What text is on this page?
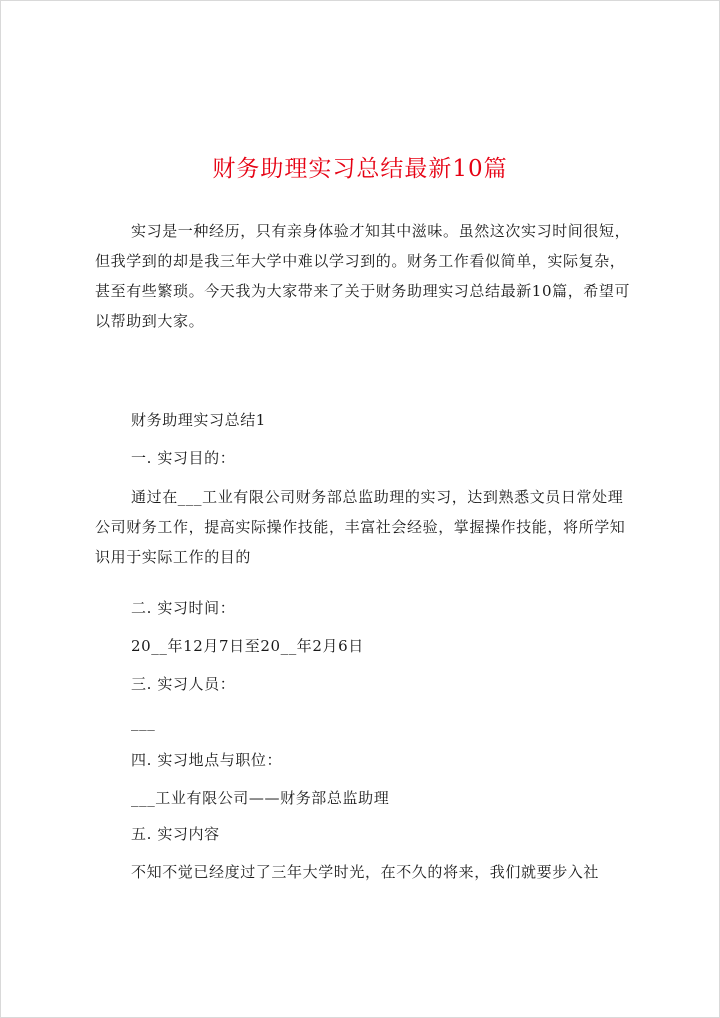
财务助理实习总结最新10篇
实习是一种经历，只有亲身体验才知其中滋味。虽然这次实习时间很短，但我学到的却是我三年大学中难以学习到的。财务工作看似简单，实际复杂，甚至有些繁琐。今天我为大家带来了关于财务助理实习总结最新10篇，希望可以帮助到大家。
财务助理实习总结1
一. 实习目的：
通过在___工业有限公司财务部总监助理的实习，达到熟悉文员日常处理公司财务工作，提高实际操作技能，丰富社会经验，掌握操作技能，将所学知识用于实际工作的目的
二. 实习时间：
20__年12月7日至20__年2月6日
三. 实习人员：
___
四. 实习地点与职位：
___工业有限公司——财务部总监助理
五. 实习内容
不知不觉已经度过了三年大学时光，在不久的将来，我们就要步入社
